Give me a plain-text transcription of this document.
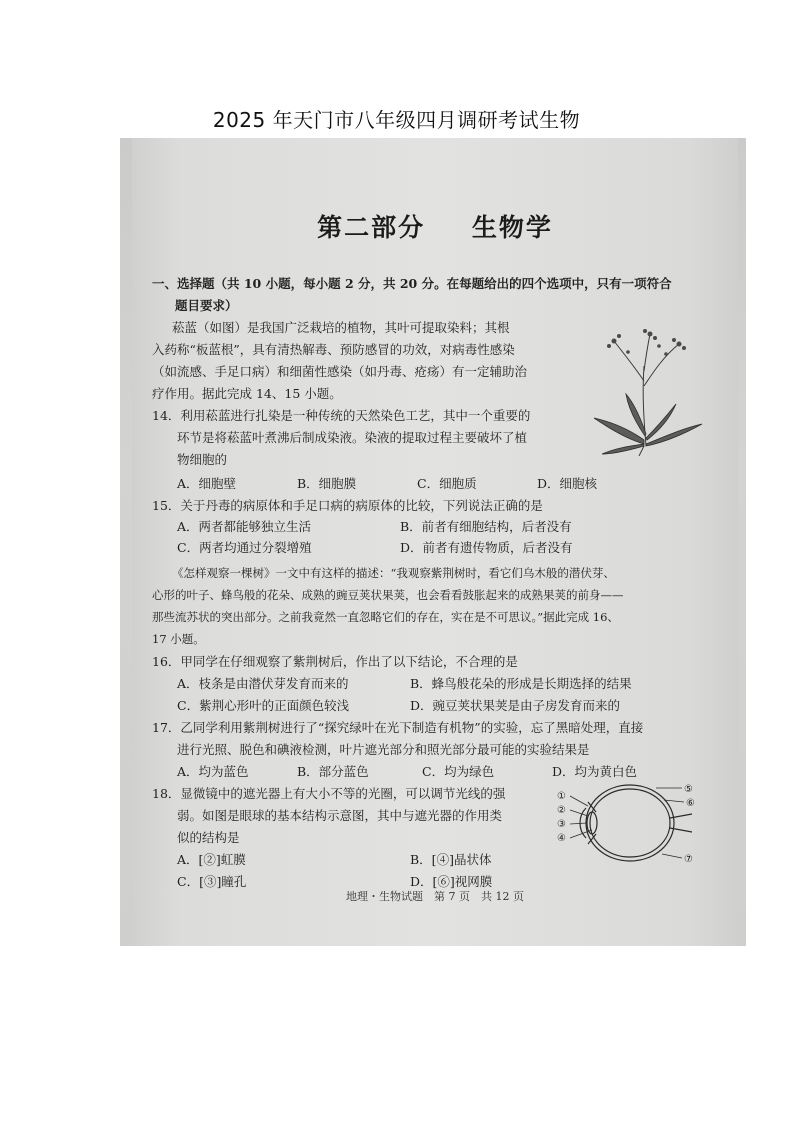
2025 年天门市八年级四月调研考试生物
第二部分 生物学
一、选择题（共 10 小题，每小题 2 分，共 20 分。在每题给出的四个选项中，只有一项符合
题目要求）
菘蓝（如图）是我国广泛栽培的植物，其叶可提取染料；其根
入药称“板蓝根”，具有清热解毒、预防感冒的功效，对病毒性感染
（如流感、手足口病）和细菌性感染（如丹毒、疮疡）有一定辅助治
疗作用。据此完成 14、15 小题。
14．利用菘蓝进行扎染是一种传统的天然染色工艺，其中一个重要的
环节是将菘蓝叶煮沸后制成染液。染液的提取过程主要破坏了植
物细胞的
A．细胞壁	B．细胞膜	C．细胞质	D．细胞核
15．关于丹毒的病原体和手足口病的病原体的比较，下列说法正确的是
A．两者都能够独立生活	B．前者有细胞结构，后者没有
C．两者均通过分裂增殖	D．前者有遗传物质，后者没有
《怎样观察一棵树》一文中有这样的描述：“我观察紫荆树时，看它们乌木般的潜伏芽、
心形的叶子、蜂鸟般的花朵、成熟的豌豆荚状果荚，也会看看鼓胀起来的成熟果荚的前身——
那些流苏状的突出部分。之前我竟然一直忽略它们的存在，实在是不可思议。”据此完成 16、
17 小题。
16．甲同学在仔细观察了紫荆树后，作出了以下结论，不合理的是
A．枝条是由潜伏芽发育而来的	B．蜂鸟般花朵的形成是长期选择的结果
C．紫荆心形叶的正面颜色较浅	D．豌豆荚状果荚是由子房发育而来的
17．乙同学利用紫荆树进行了“探究绿叶在光下制造有机物”的实验，忘了黑暗处理，直接
进行光照、脱色和碘液检测，叶片遮光部分和照光部分最可能的实验结果是
A．均为蓝色	B．部分蓝色	C．均为绿色	D．均为黄白色
18．显微镜中的遮光器上有大小不等的光圈，可以调节光线的强
弱。如图是眼球的基本结构示意图，其中与遮光器的作用类
似的结构是
A．[②]虹膜	B．[④]晶状体
C．[③]瞳孔	D．[⑥]视网膜
①
②
③
④
⑤
⑥
⑦
地理・生物试题　第 7 页　共 12 页
